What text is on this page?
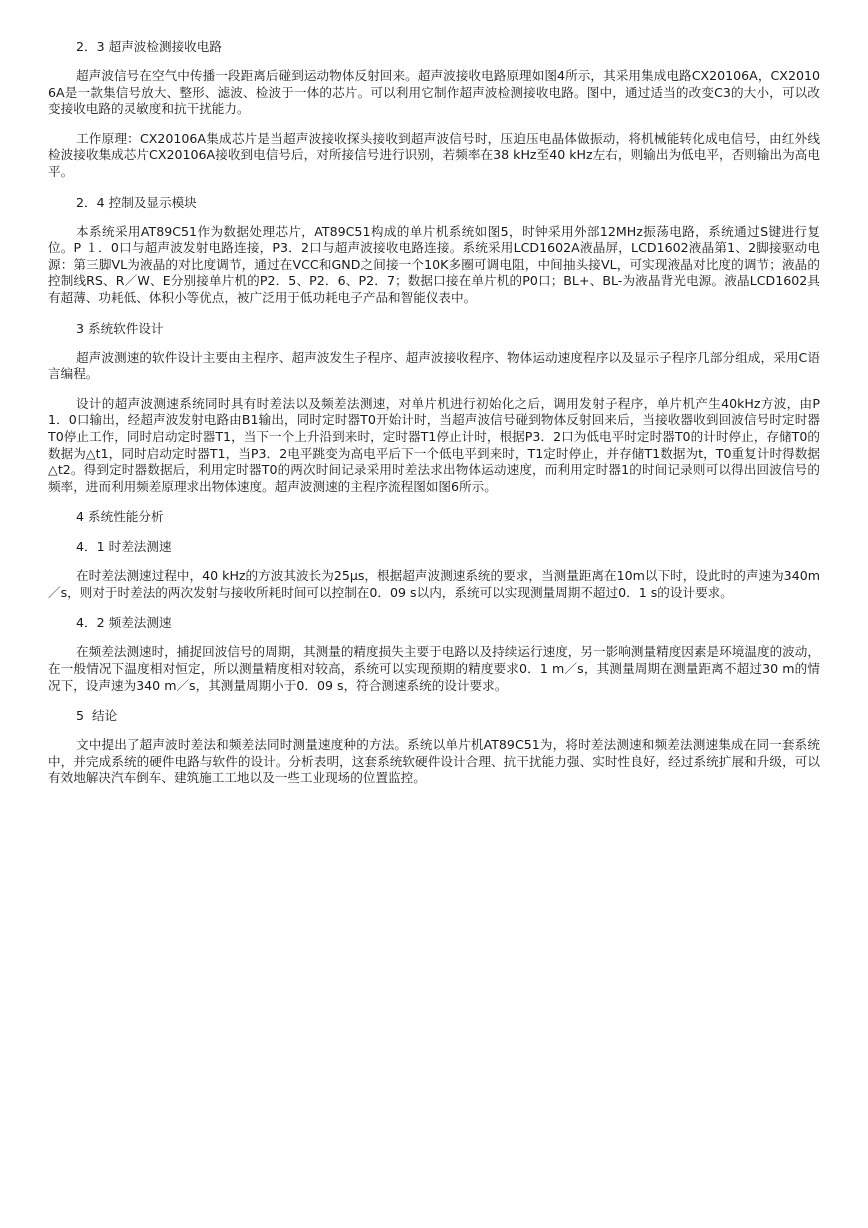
2．3 超声波检测接收电路

超声波信号在空气中传播一段距离后碰到运动物体反射回来。超声波接收电路原理如图4所示，其采用集成电路CX20106A，CX20106A是一款集信号放大、整形、滤波、检波于一体的芯片。可以利用它制作超声波检测接收电路。图中，通过适当的改变C3的大小，可以改变接收电路的灵敏度和抗干扰能力。

工作原理：CX20106A集成芯片是当超声波接收探头接收到超声波信号时，压迫压电晶体做振动，将机械能转化成电信号，由红外线检波接收集成芯片CX20106A接收到电信号后，对所接信号进行识别，若频率在38 kHz至40 kHz左右，则输出为低电平，否则输出为高电平。

2．4 控制及显示模块

本系统采用AT89C51作为数据处理芯片，AT89C51构成的单片机系统如图5，时钟采用外部12MHz振荡电路，系统通过S键进行复位。P １．0口与超声波发射电路连接，P3．2口与超声波接收电路连接。系统采用LCD1602A液晶屏，LCD1602液晶第1、2脚接驱动电源：第三脚VL为液晶的对比度调节，通过在VCC和GND之间接一个10K多圈可调电阻，中间抽头接VL，可实现液晶对比度的调节；液晶的控制线RS、R／W、E分别接单片机的P2．5、P2．6、P2．7；数据口接在单片机的P0口；BL+、BL-为液晶背光电源。液晶LCD1602具有超薄、功耗低、体积小等优点，被广泛用于低功耗电子产品和智能仪表中。

3 系统软件设计

超声波测速的软件设计主要由主程序、超声波发生子程序、超声波接收程序、物体运动速度程序以及显示子程序几部分组成，采用C语言编程。

设计的超声波测速系统同时具有时差法以及频差法测速，对单片机进行初始化之后，调用发射子程序，单片机产生40kHz方波，由P1．0口输出，经超声波发射电路由B1输出，同时定时器T0开始计时，当超声波信号碰到物体反射回来后，当接收器收到回波信号时定时器T0停止工作，同时启动定时器T1，当下一个上升沿到来时，定时器T1停止计时，根据P3．2口为低电平时定时器T0的计时停止，存储T0的数据为△t1，同时启动定时器T1，当P3．2电平跳变为高电平后下一个低电平到来时，T1定时停止，并存储T1数据为t，T0重复计时得数据△t2。得到定时器数据后，利用定时器T0的两次时间记录采用时差法求出物体运动速度，而利用定时器1的时间记录则可以得出回波信号的频率，进而利用频差原理求出物体速度。超声波测速的主程序流程图如图6所示。

4 系统性能分析
4．1 时差法测速

在时差法测速过程中，40 kHz的方波其波长为25μs，根据超声波测速系统的要求，当测量距离在10m以下时，设此时的声速为340m／s，则对于时差法的两次发射与接收所耗时间可以控制在0．09 s以内，系统可以实现测量周期不超过0．1 s的设计要求。

4．2 频差法测速

在频差法测速时，捕捉回波信号的周期，其测量的精度损失主要于电路以及持续运行速度，另一影响测量精度因素是环境温度的波动，在一般情况下温度相对恒定，所以测量精度相对较高，系统可以实现预期的精度要求0．1 m／s，其测量周期在测量距离不超过30 m的情况下，设声速为340 m／s，其测量周期小于0．09 s，符合测速系统的设计要求。

5  结论

文中提出了超声波时差法和频差法同时测量速度种的方法。系统以单片机AT89C51为，将时差法测速和频差法测速集成在同一套系统中，并完成系统的硬件电路与软件的设计。分析表明，这套系统软硬件设计合理、抗干扰能力强、实时性良好，经过系统扩展和升级，可以有效地解决汽车倒车、建筑施工工地以及一些工业现场的位置监控。
